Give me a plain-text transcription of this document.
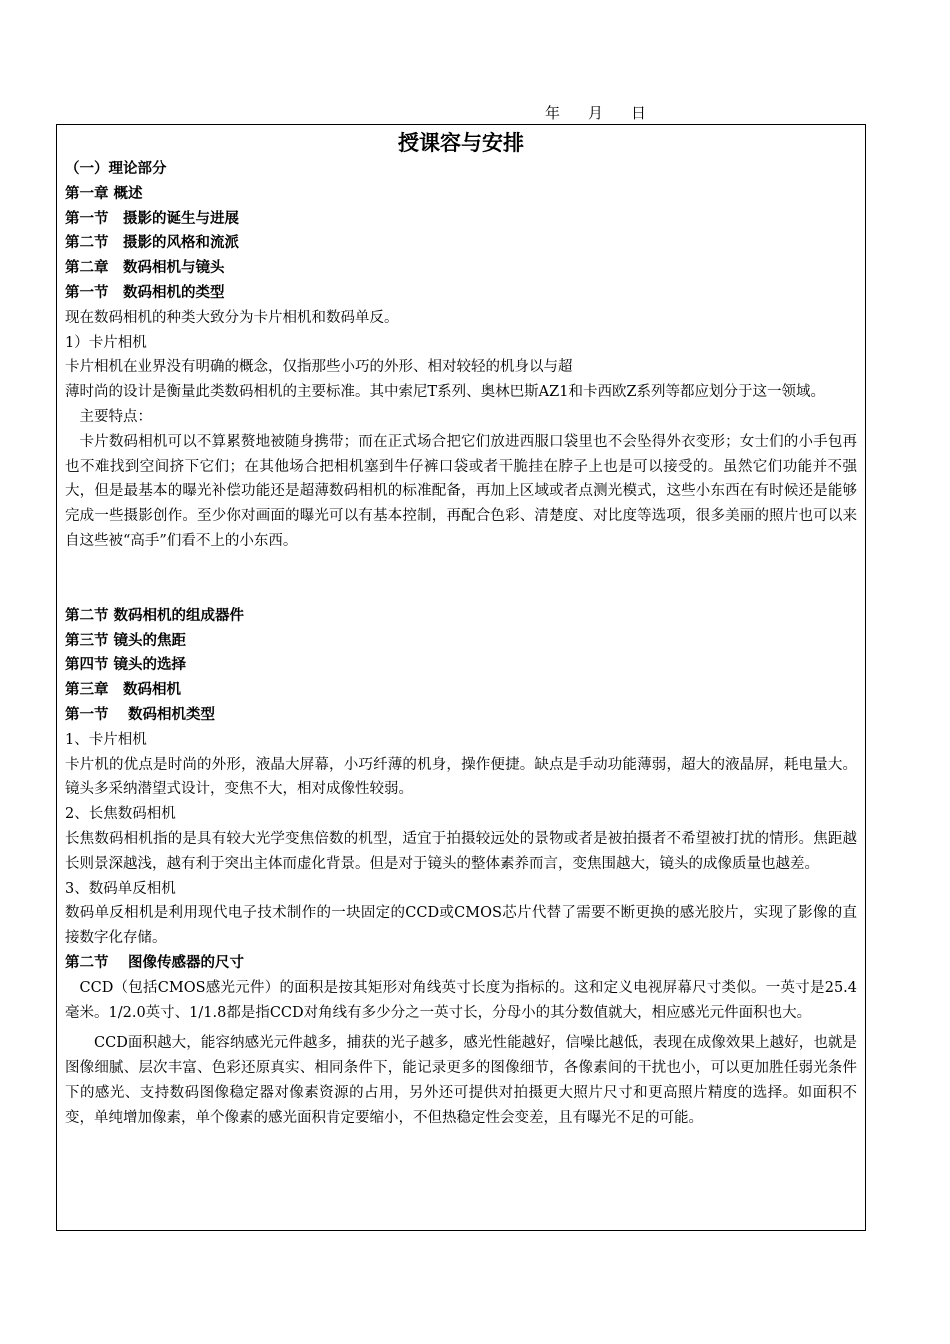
年 月 日
授课容与安排

（一）理论部分

第一章 概述

第一节　摄影的诞生与进展

第二节　摄影的风格和流派

第二章　数码相机与镜头

第一节　数码相机的类型

现在数码相机的种类大致分为卡片相机和数码单反。

1）卡片相机

卡片相机在业界没有明确的概念，仅指那些小巧的外形、相对较轻的机身以与超

薄时尚的设计是衡量此类数码相机的主要标准。其中索尼T系列、奥林巴斯AZ1和卡西欧Z系列等都应划分于这一领域。

主要特点：

卡片数码相机可以不算累赘地被随身携带；而在正式场合把它们放进西服口袋里也不会坠得外衣变形；女士们的小手包再也不难找到空间挤下它们；在其他场合把相机塞到牛仔裤口袋或者干脆挂在脖子上也是可以接受的。虽然它们功能并不强大，但是最基本的曝光补偿功能还是超薄数码相机的标准配备，再加上区域或者点测光模式，这些小东西在有时候还是能够完成一些摄影创作。至少你对画面的曝光可以有基本控制，再配合色彩、清楚度、对比度等选项，很多美丽的照片也可以来自这些被“高手”们看不上的小东西。

第二节 数码相机的组成器件

第三节 镜头的焦距

第四节 镜头的选择

第三章　数码相机

第一节　 数码相机类型

1、卡片相机

卡片机的优点是时尚的外形，液晶大屏幕，小巧纤薄的机身，操作便捷。缺点是手动功能薄弱，超大的液晶屏，耗电量大。镜头多采纳潜望式设计，变焦不大，相对成像性较弱。

2、长焦数码相机

长焦数码相机指的是具有较大光学变焦倍数的机型，适宜于拍摄较远处的景物或者是被拍摄者不希望被打扰的情形。焦距越长则景深越浅，越有利于突出主体而虚化背景。但是对于镜头的整体素养而言，变焦围越大，镜头的成像质量也越差。

3、数码单反相机

数码单反相机是利用现代电子技术制作的一块固定的CCD或CMOS芯片代替了需要不断更换的感光胶片，实现了影像的直接数字化存储。

第二节　 图像传感器的尺寸

CCD（包括CMOS感光元件）的面积是按其矩形对角线英寸长度为指标的。这和定义电视屏幕尺寸类似。一英寸是25.4毫米。1/2.0英寸、1/1.8都是指CCD对角线有多少分之一英寸长，分母小的其分数值就大，相应感光元件面积也大。

CCD面积越大，能容纳感光元件越多，捕获的光子越多，感光性能越好，信噪比越低，表现在成像效果上越好，也就是图像细腻、层次丰富、色彩还原真实、相同条件下，能记录更多的图像细节，各像素间的干扰也小，可以更加胜任弱光条件下的感光、支持数码图像稳定器对像素资源的占用，另外还可提供对拍摄更大照片尺寸和更高照片精度的选择。如面积不变，单纯增加像素，单个像素的感光面积肯定要缩小，不但热稳定性会变差，且有曝光不足的可能。
